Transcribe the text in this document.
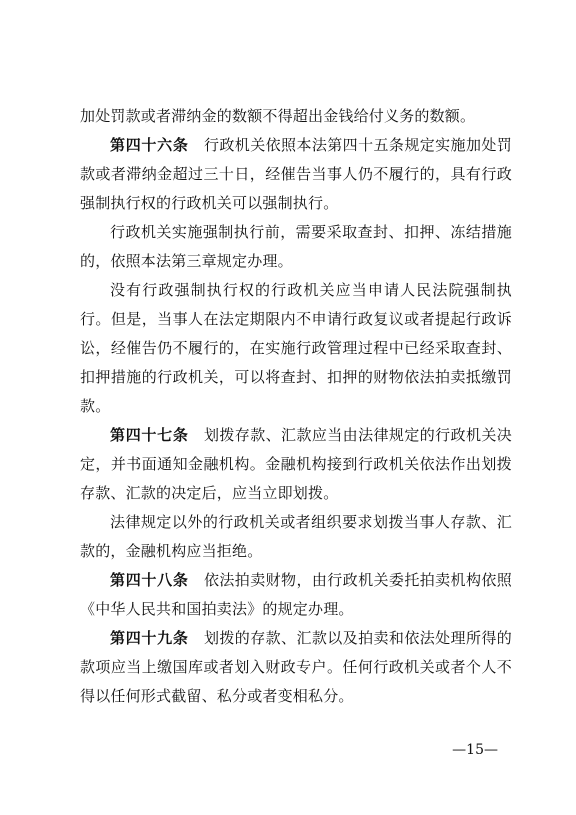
加处罚款或者滞纳金的数额不得超出金钱给付义务的数额。

第四十六条　行政机关依照本法第四十五条规定实施加处罚款或者滞纳金超过三十日，经催告当事人仍不履行的，具有行政强制执行权的行政机关可以强制执行。

行政机关实施强制执行前，需要采取查封、扣押、冻结措施的，依照本法第三章规定办理。

没有行政强制执行权的行政机关应当申请人民法院强制执行。但是，当事人在法定期限内不申请行政复议或者提起行政诉讼，经催告仍不履行的，在实施行政管理过程中已经采取查封、扣押措施的行政机关，可以将查封、扣押的财物依法拍卖抵缴罚款。

第四十七条　划拨存款、汇款应当由法律规定的行政机关决定，并书面通知金融机构。金融机构接到行政机关依法作出划拨存款、汇款的决定后，应当立即划拨。

法律规定以外的行政机关或者组织要求划拨当事人存款、汇款的，金融机构应当拒绝。

第四十八条　依法拍卖财物，由行政机关委托拍卖机构依照《中华人民共和国拍卖法》的规定办理。

第四十九条　划拨的存款、汇款以及拍卖和依法处理所得的款项应当上缴国库或者划入财政专户。任何行政机关或者个人不得以任何形式截留、私分或者变相私分。

—15—
